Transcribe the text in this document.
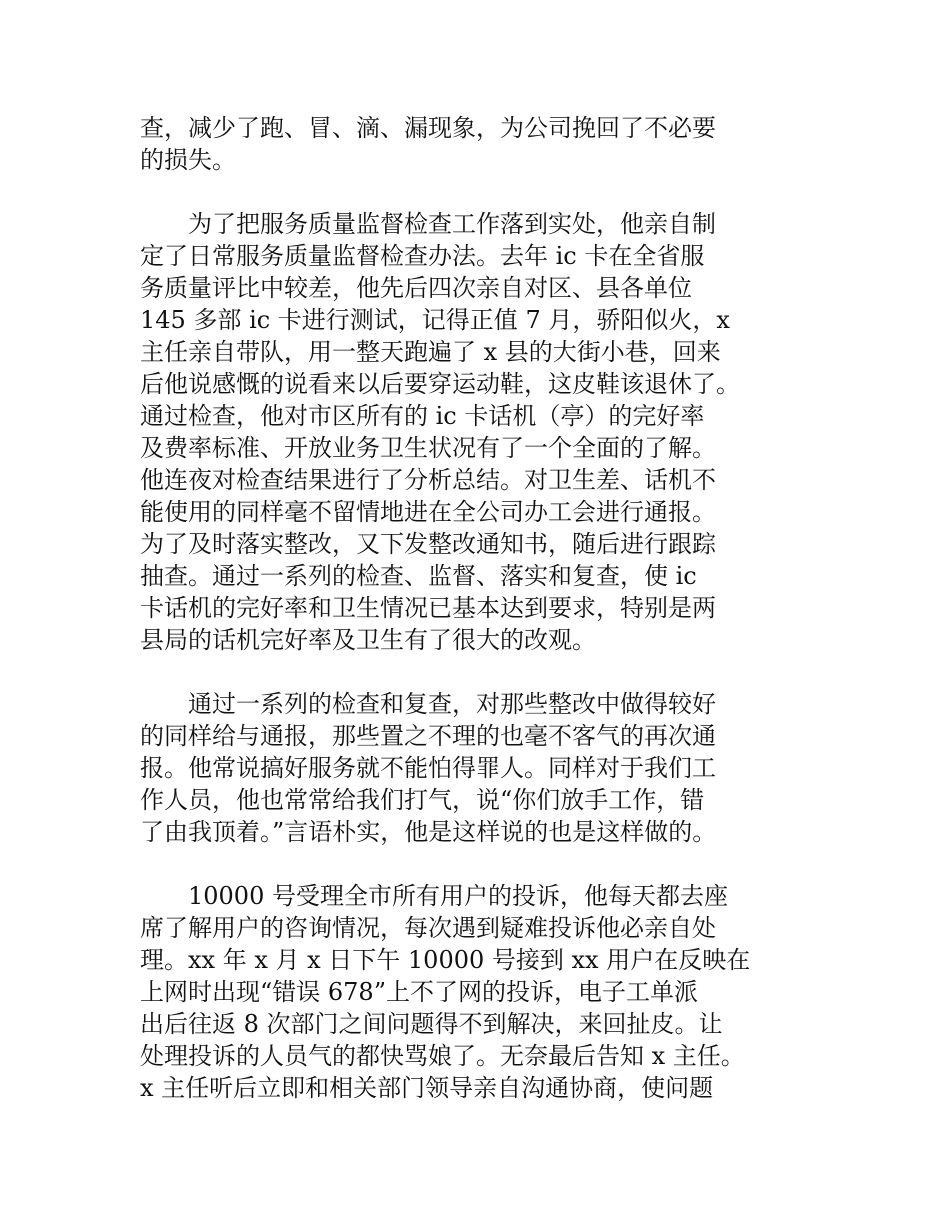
查，减少了跑、冒、滴、漏现象，为公司挽回了不必要
的损失。
　　为了把服务质量监督检查工作落到实处，他亲自制
定了日常服务质量监督检查办法。去年 ic 卡在全省服
务质量评比中较差，他先后四次亲自对区、县各单位
145 多部 ic 卡进行测试，记得正值 7 月，骄阳似火，x
主任亲自带队，用一整天跑遍了 x 县的大街小巷，回来
后他说感慨的说看来以后要穿运动鞋，这皮鞋该退休了。
通过检查，他对市区所有的 ic 卡话机（亭）的完好率
及费率标准、开放业务卫生状况有了一个全面的了解。
他连夜对检查结果进行了分析总结。对卫生差、话机不
能使用的同样毫不留情地进在全公司办工会进行通报。
为了及时落实整改，又下发整改通知书，随后进行跟踪
抽查。通过一系列的检查、监督、落实和复查，使 ic
卡话机的完好率和卫生情况已基本达到要求，特别是两
县局的话机完好率及卫生有了很大的改观。
　　通过一系列的检查和复查，对那些整改中做得较好
的同样给与通报，那些置之不理的也毫不客气的再次通
报。他常说搞好服务就不能怕得罪人。同样对于我们工
作人员，他也常常给我们打气，说“你们放手工作，错
了由我顶着。”言语朴实，他是这样说的也是这样做的。
　　10000 号受理全市所有用户的投诉，他每天都去座
席了解用户的咨询情况，每次遇到疑难投诉他必亲自处
理。xx 年 x 月 x 日下午 10000 号接到 xx 用户在反映在
上网时出现“错误 678”上不了网的投诉，电子工单派
出后往返 8 次部门之间问题得不到解决，来回扯皮。让
处理投诉的人员气的都快骂娘了。无奈最后告知 x 主任。
x 主任听后立即和相关部门领导亲自沟通协商，使问题
